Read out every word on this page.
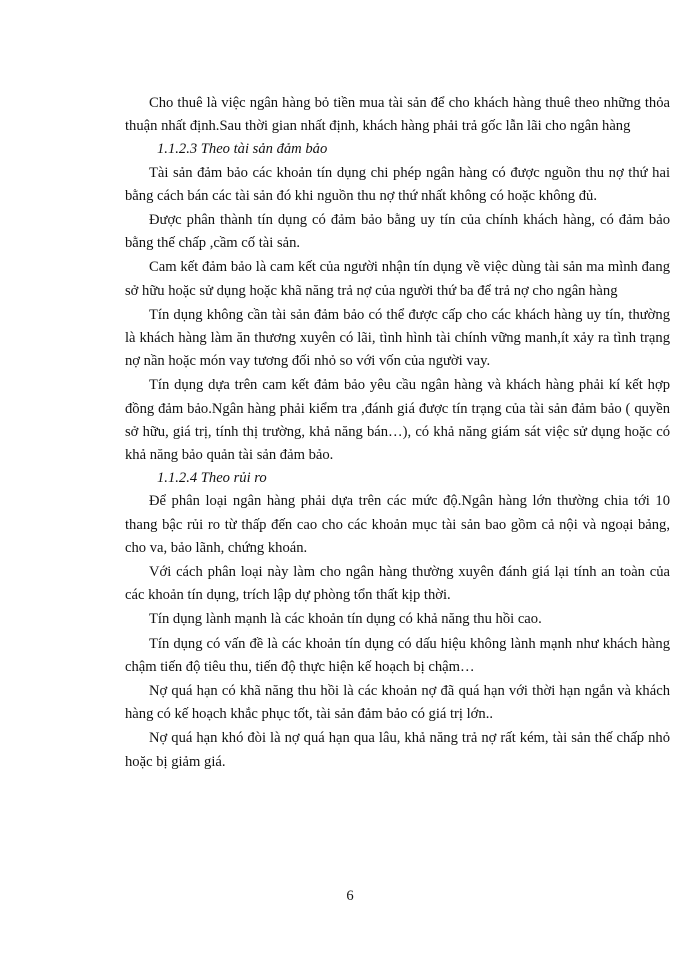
Cho thuê là việc ngân hàng bỏ tiền mua tài sản để cho khách hàng thuê theo những thỏa thuận nhất định.Sau thời gian nhất định, khách hàng phải trả gốc lẫn lãi cho ngân hàng

1.1.2.3 Theo tài sản đảm bảo

Tài sản đảm bảo các khoản tín dụng chi phép ngân hàng có được nguồn thu nợ thứ hai bằng cách bán các tài sản đó khi nguồn thu nợ thứ nhất không có hoặc không đủ.

Được phân thành tín dụng có đảm bảo bằng uy tín của chính khách hàng, có đảm bảo bằng thế chấp ,cầm cố tài sản.

Cam kết đảm bảo là cam kết của người nhận tín dụng về việc dùng tài sản ma mình đang sở hữu hoặc sử dụng hoặc khã năng trả nợ của người thứ ba để trả nợ cho ngân hàng

Tín dụng không cần tài sản đảm bảo có thể được cấp cho các khách hàng uy tín, thường là khách hàng làm ăn thương xuyên có lãi, tình hình tài chính vững manh,ít xảy ra tình trạng nợ nần hoặc món vay tương đối nhỏ so với vốn của người vay.

Tín dụng dựa trên cam kết đảm bảo yêu cầu ngân hàng và khách hàng phải kí kết hợp đồng đảm bảo.Ngân hàng phải kiểm tra ,đánh giá được tín trạng của tài sản đảm bảo ( quyền sở hữu, giá trị, tính thị trường, khả năng bán…), có khả năng giám sát việc sử dụng hoặc có khả năng bảo quản tài sản đảm bảo.

1.1.2.4 Theo rủi ro

Để phân loại ngân hàng phải dựa trên các mức độ.Ngân hàng lớn thường chia tới 10 thang bậc rủi ro từ thấp đến cao cho các khoản mục tài sản bao gồm cả nội và ngoại bảng, cho va, bảo lãnh, chứng khoán.

Với cách phân loại này làm cho ngân hàng thường xuyên đánh giá lại tính an toàn của các khoản tín dụng, trích lập dự phòng tổn thất kịp thời.

Tín dụng lành mạnh là các khoản tín dụng có khả năng thu hồi cao.

Tín dụng có vấn đề là các khoản tín dụng có dấu hiệu không lành mạnh như khách hàng chậm tiến độ tiêu thu, tiến độ thực hiện kế hoạch bị chậm…

Nợ quá hạn có khã năng thu hồi là các khoản nợ đã quá hạn với thời hạn ngắn và khách hàng có kế hoạch khắc phục tốt, tài sản đảm bảo có giá trị lớn..

Nợ quá hạn khó đòi là nợ quá hạn qua lâu, khả năng trả nợ rất kém, tài sản thế chấp nhỏ hoặc bị giảm giá.

6
